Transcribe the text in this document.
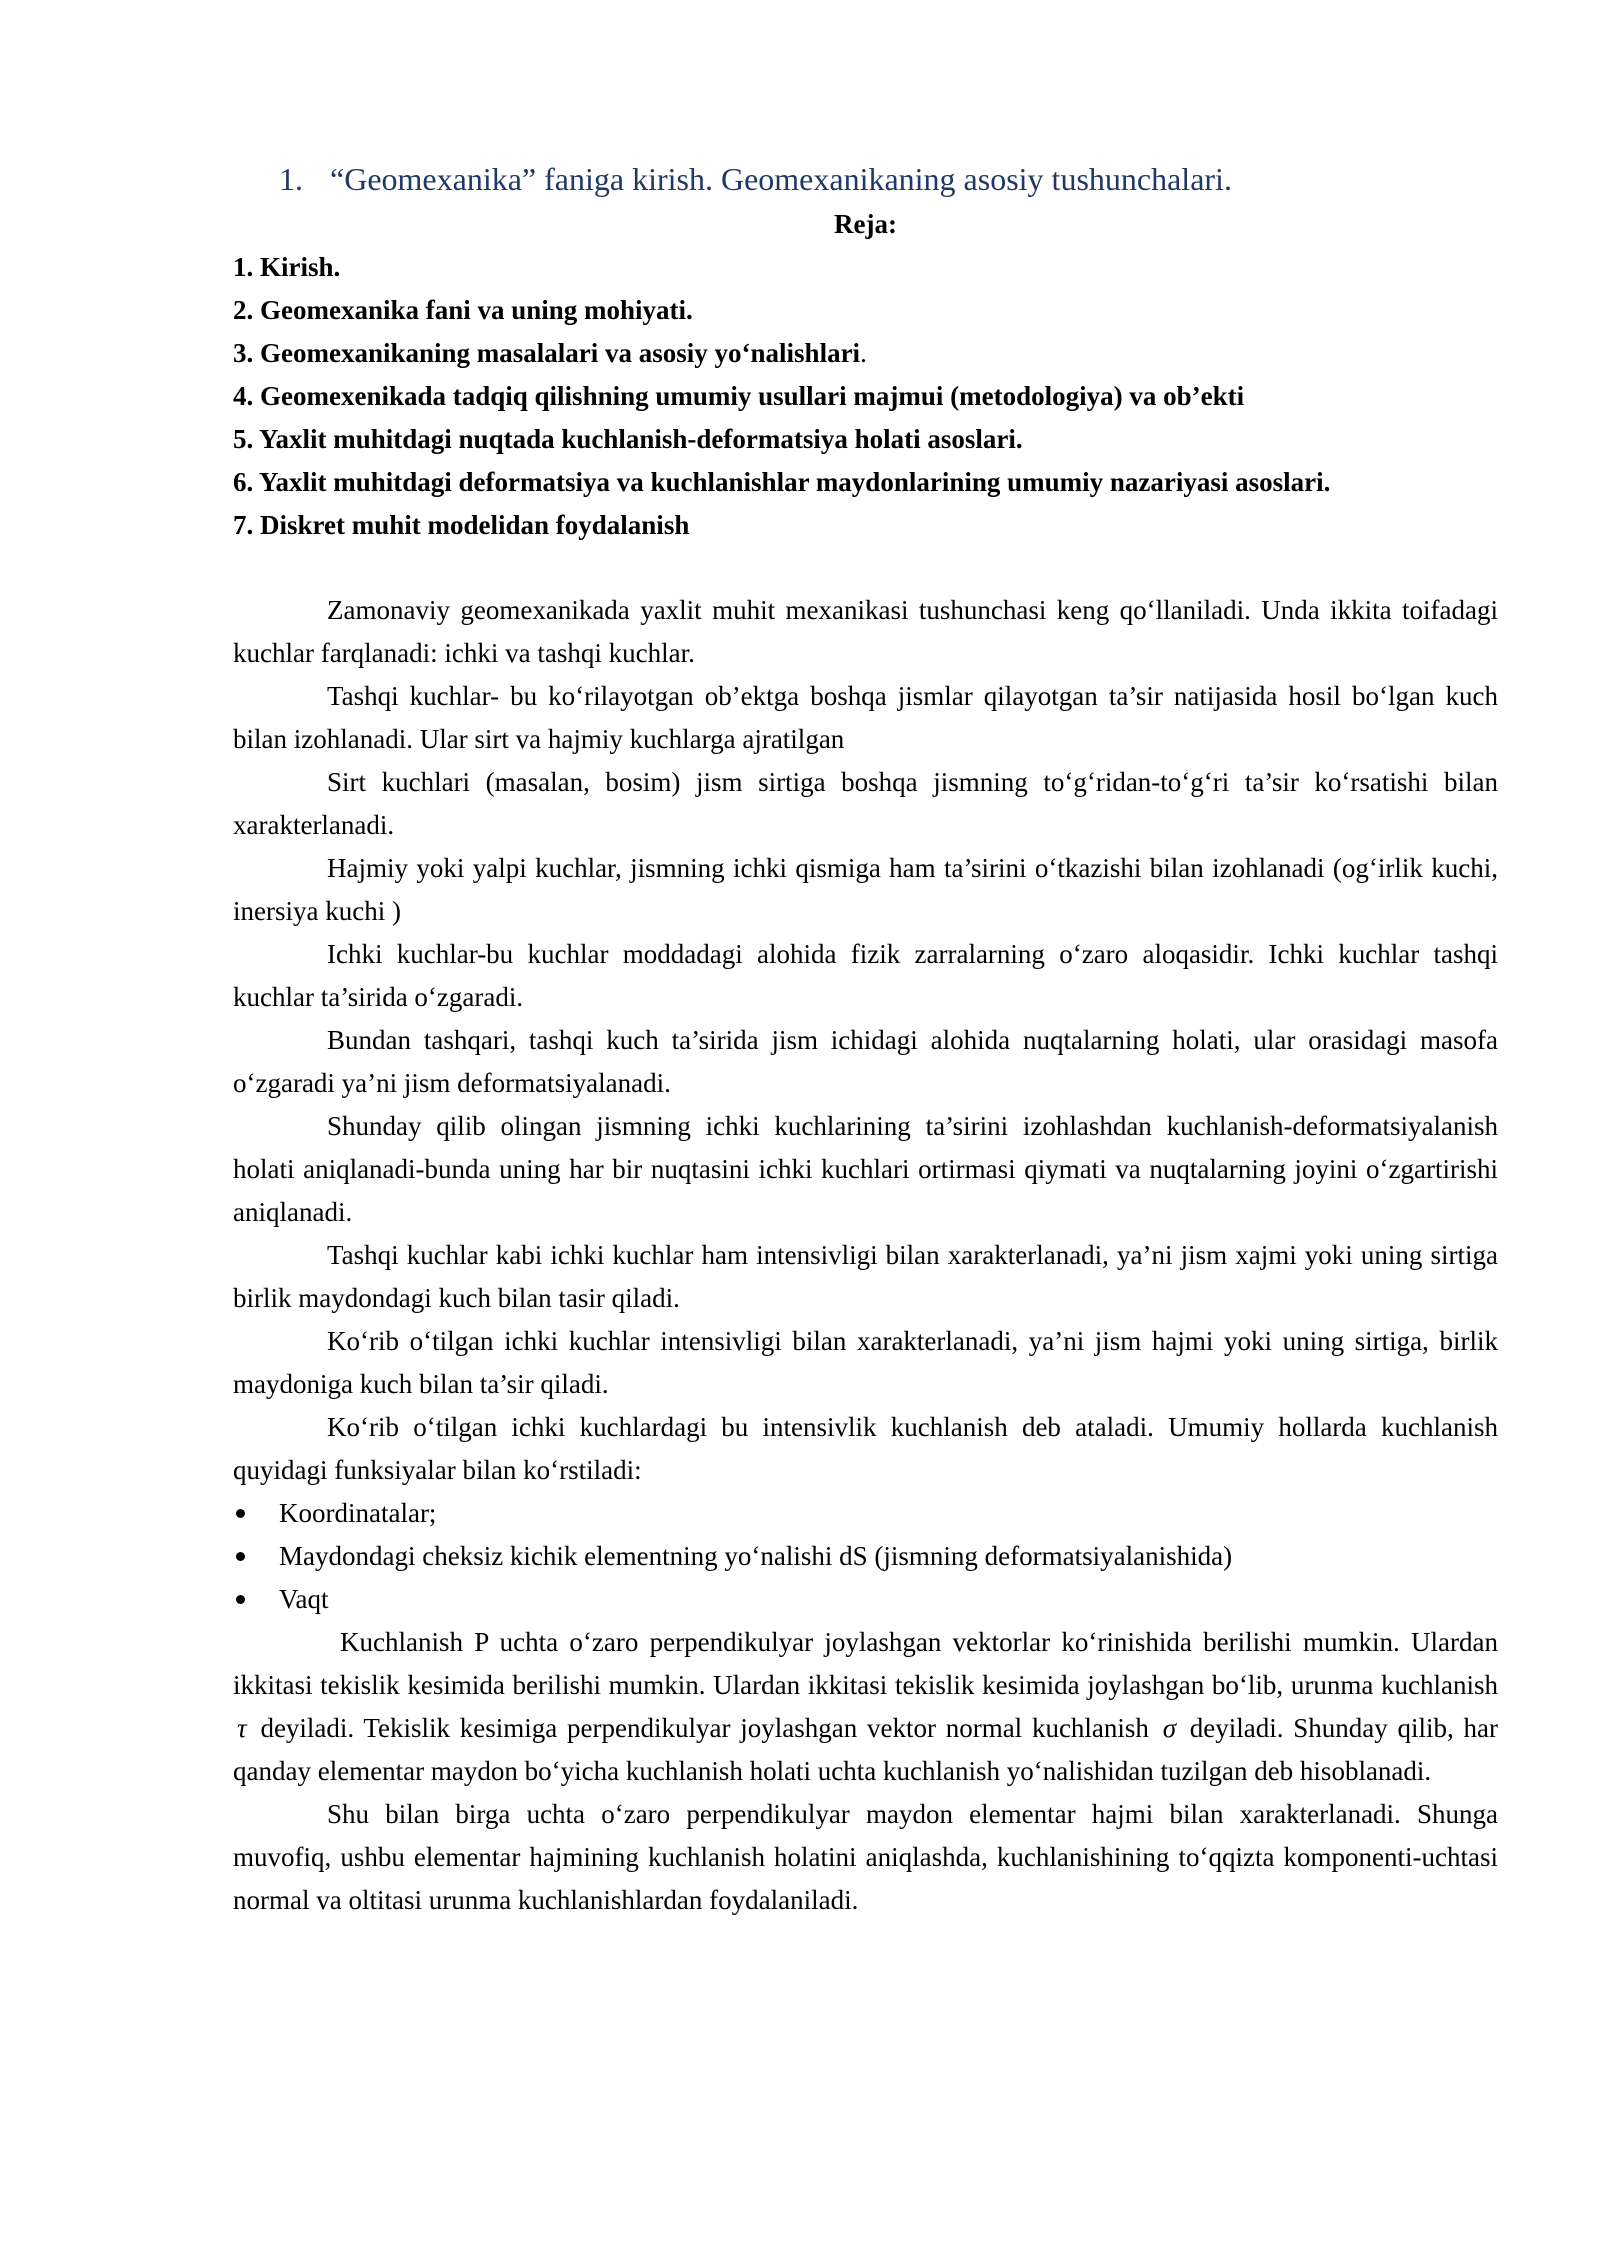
1. “Geomexanika” faniga kirish. Geomexanikaning asosiy tushunchalari.
Reja:
1. Kirish.
2. Geomexanika fani va uning mohiyati.
3. Geomexanikaning masalalari va asosiy yo‘nalishlari.
4. Geomexenikada tadqiq qilishning umumiy usullari majmui (metodologiya) va ob’ekti
5. Yaxlit muhitdagi nuqtada kuchlanish-deformatsiya holati asoslari.
6. Yaxlit muhitdagi deformatsiya va kuchlanishlar maydonlarining umumiy nazariyasi asoslari.
7. Diskret muhit modelidan foydalanish

Zamonaviy geomexanikada yaxlit muhit mexanikasi tushunchasi keng qo‘llaniladi. Unda ikkita toifadagi kuchlar farqlanadi: ichki va tashqi kuchlar.

Tashqi kuchlar- bu ko‘rilayotgan ob’ektga boshqa jismlar qilayotgan ta’sir natijasida hosil bo‘lgan kuch bilan izohlanadi. Ular sirt va hajmiy kuchlarga ajratilgan

Sirt kuchlari (masalan, bosim) jism sirtiga boshqa jismning to‘g‘ridan-to‘g‘ri ta’sir ko‘rsatishi bilan xarakterlanadi.

Hajmiy yoki yalpi kuchlar, jismning ichki qismiga ham ta’sirini o‘tkazishi bilan izohlanadi (og‘irlik kuchi, inersiya kuchi )

Ichki kuchlar-bu kuchlar moddadagi alohida fizik zarralarning o‘zaro aloqasidir. Ichki kuchlar tashqi kuchlar ta’sirida o‘zgaradi.

Bundan tashqari, tashqi kuch ta’sirida jism ichidagi alohida nuqtalarning holati, ular orasidagi masofa o‘zgaradi ya’ni jism deformatsiyalanadi.

Shunday qilib olingan jismning ichki kuchlarining ta’sirini izohlashdan kuchlanish-deformatsiyalanish holati aniqlanadi-bunda uning har bir nuqtasini ichki kuchlari ortirmasi qiymati va nuqtalarning joyini o‘zgartirishi aniqlanadi.

Tashqi kuchlar kabi ichki kuchlar ham intensivligi bilan xarakterlanadi, ya’ni jism xajmi yoki uning sirtiga birlik maydondagi kuch bilan tasir qiladi.

Ko‘rib o‘tilgan ichki kuchlar intensivligi bilan xarakterlanadi, ya’ni jism hajmi yoki uning sirtiga, birlik maydoniga kuch bilan ta’sir qiladi.

Ko‘rib o‘tilgan ichki kuchlardagi bu intensivlik kuchlanish deb ataladi. Umumiy hollarda kuchlanish quyidagi funksiyalar bilan ko‘rstiladi:

Koordinatalar;
Maydondagi cheksiz kichik elementning yo‘nalishi dS (jismning deformatsiyalanishida)
Vaqt

Kuchlanish P uchta o‘zaro perpendikulyar joylashgan vektorlar ko‘rinishida berilishi mumkin. Ulardan ikkitasi tekislik kesimida berilishi mumkin. Ulardan ikkitasi tekislik kesimida joylashgan bo‘lib, urunma kuchlanish τ deyiladi. Tekislik kesimiga perpendikulyar joylashgan vektor normal kuchlanish σ deyiladi. Shunday qilib, har qanday elementar maydon bo‘yicha kuchlanish holati uchta kuchlanish yo‘nalishidan tuzilgan deb hisoblanadi.

Shu bilan birga uchta o‘zaro perpendikulyar maydon elementar hajmi bilan xarakterlanadi. Shunga muvofiq, ushbu elementar hajmining kuchlanish holatini aniqlashda, kuchlanishining to‘qqizta komponenti-uchtasi normal va oltitasi urunma kuchlanishlardan foydalaniladi.
